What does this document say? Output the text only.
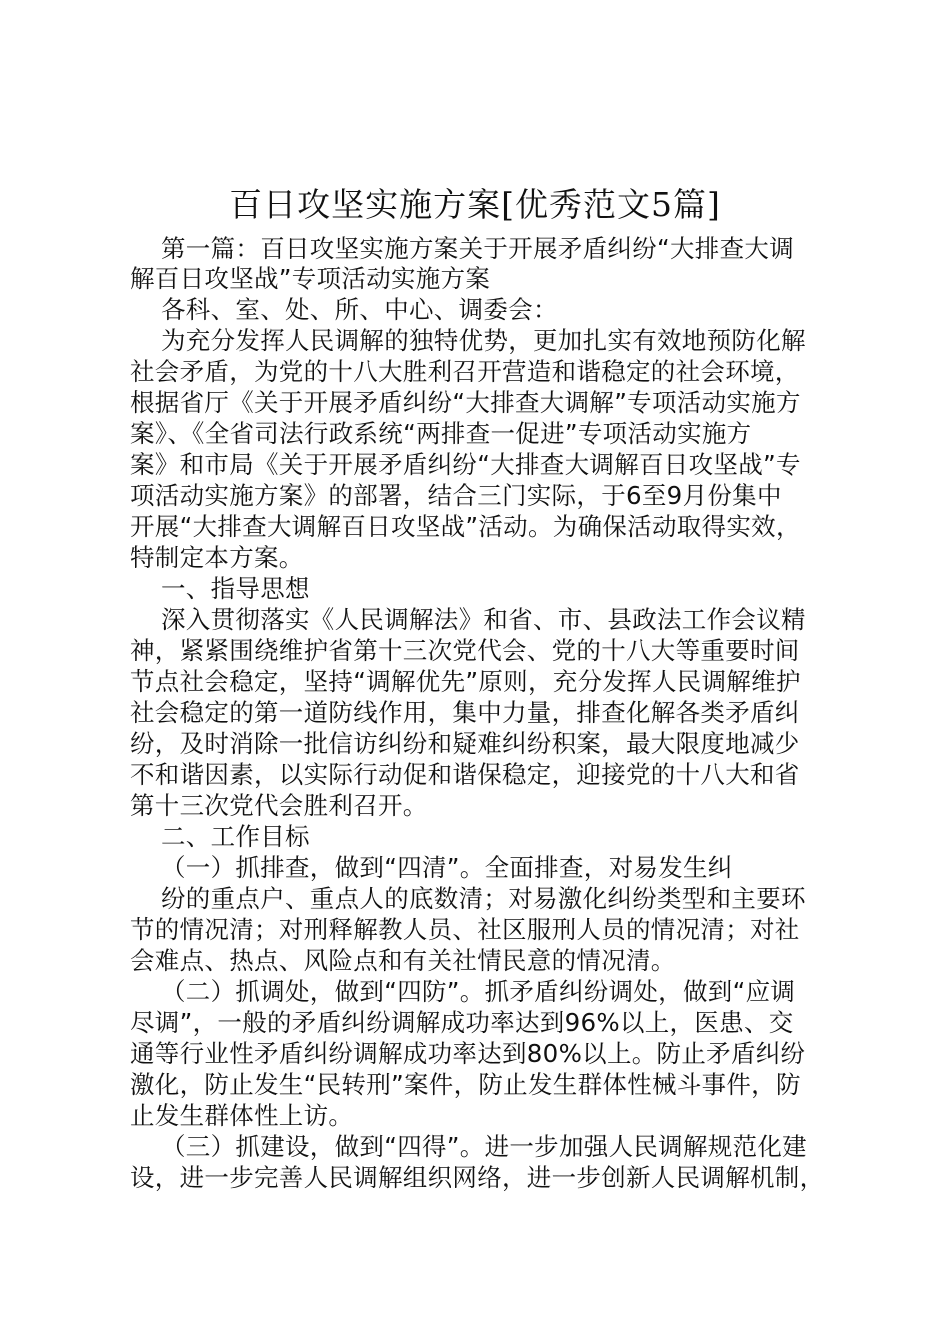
百日攻坚实施方案[优秀范文5篇]
第一篇：百日攻坚实施方案关于开展矛盾纠纷“大排查大调
解百日攻坚战”专项活动实施方案
各科、室、处、所、中心、调委会：
为充分发挥人民调解的独特优势，更加扎实有效地预防化解
社会矛盾，为党的十八大胜利召开营造和谐稳定的社会环境，
根据省厅《关于开展矛盾纠纷“大排查大调解”专项活动实施方
案》、《全省司法行政系统“两排查一促进”专项活动实施方
案》和市局《关于开展矛盾纠纷“大排查大调解百日攻坚战”专
项活动实施方案》的部署，结合三门实际，于6至9月份集中
开展“大排查大调解百日攻坚战”活动。为确保活动取得实效，
特制定本方案。
一、指导思想
深入贯彻落实《人民调解法》和省、市、县政法工作会议精
神，紧紧围绕维护省第十三次党代会、党的十八大等重要时间
节点社会稳定，坚持“调解优先”原则，充分发挥人民调解维护
社会稳定的第一道防线作用，集中力量，排查化解各类矛盾纠
纷，及时消除一批信访纠纷和疑难纠纷积案，最大限度地减少
不和谐因素，以实际行动促和谐保稳定，迎接党的十八大和省
第十三次党代会胜利召开。
二、工作目标
（一）抓排查，做到“四清”。全面排查，对易发生纠
纷的重点户、重点人的底数清；对易激化纠纷类型和主要环
节的情况清；对刑释解教人员、社区服刑人员的情况清；对社
会难点、热点、风险点和有关社情民意的情况清。
（二）抓调处，做到“四防”。抓矛盾纠纷调处，做到“应调
尽调”，一般的矛盾纠纷调解成功率达到96%以上，医患、交
通等行业性矛盾纠纷调解成功率达到80%以上。防止矛盾纠纷
激化，防止发生“民转刑”案件，防止发生群体性械斗事件，防
止发生群体性上访。
（三）抓建设，做到“四得”。进一步加强人民调解规范化建
设，进一步完善人民调解组织网络，进一步创新人民调解机制，
